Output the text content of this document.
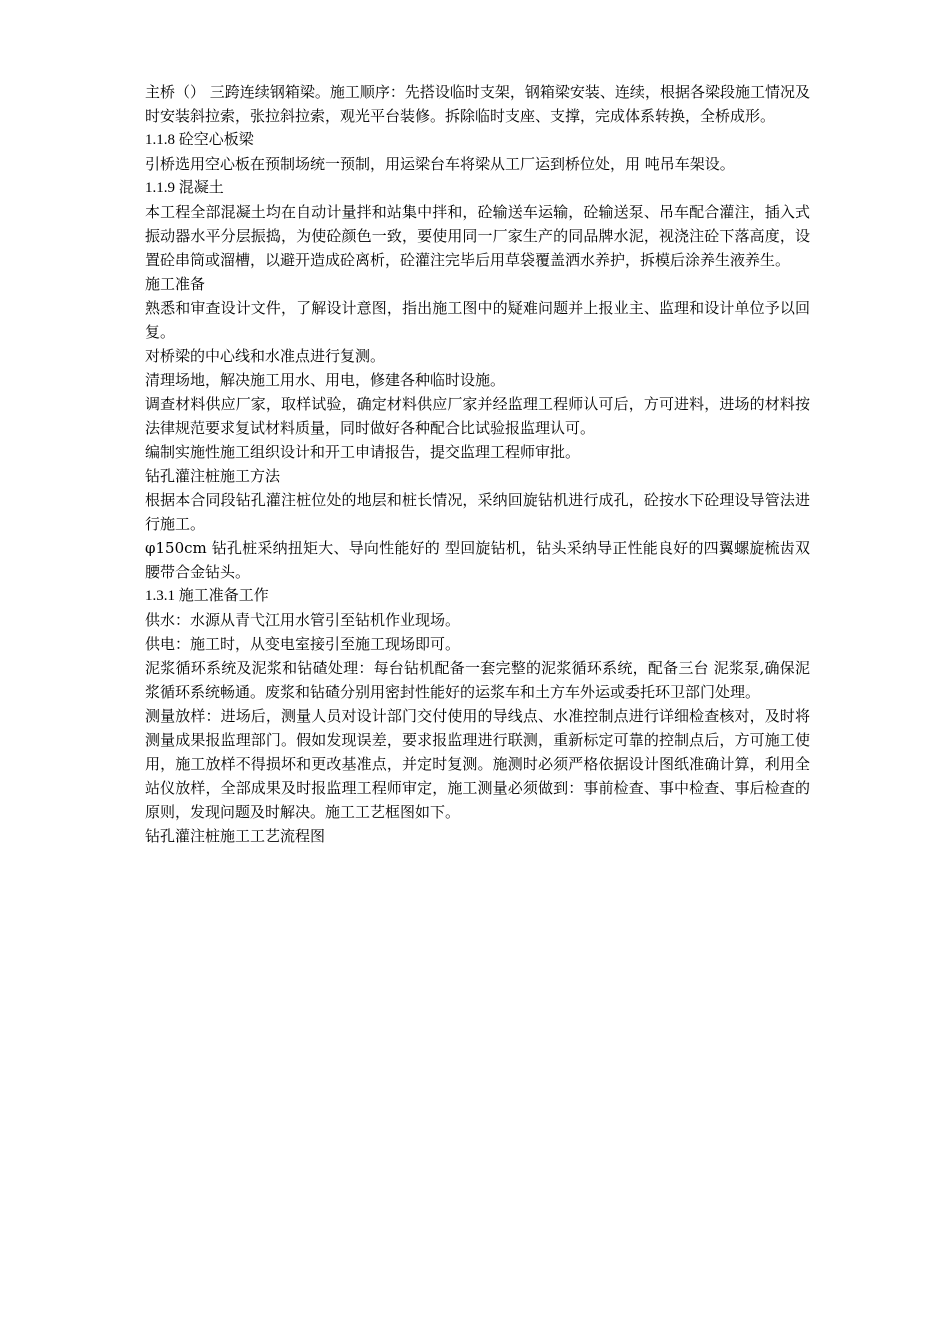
主桥（） 三跨连续钢箱梁。施工顺序：先搭设临时支架，钢箱梁安装、连续，根据各梁段施工情况及时安装斜拉索，张拉斜拉索，观光平台装修。拆除临时支座、支撑，完成体系转换，全桥成形。

1.1.8 砼空心板梁

引桥选用空心板在预制场统一预制，用运梁台车将梁从工厂运到桥位处，用 吨吊车架设。

1.1.9 混凝土

本工程全部混凝土均在自动计量拌和站集中拌和，砼输送车运输，砼输送泵、吊车配合灌注，插入式振动器水平分层振捣，为使砼颜色一致，要使用同一厂家生产的同品牌水泥，视浇注砼下落高度，设置砼串筒或溜槽，以避开造成砼离析，砼灌注完毕后用草袋覆盖洒水养护，拆模后涂养生液养生。

施工准备

熟悉和审查设计文件，了解设计意图，指出施工图中的疑难问题并上报业主、监理和设计单位予以回复。

对桥梁的中心线和水准点进行复测。

清理场地，解决施工用水、用电，修建各种临时设施。

调查材料供应厂家，取样试验，确定材料供应厂家并经监理工程师认可后，方可进料，进场的材料按法律规范要求复试材料质量，同时做好各种配合比试验报监理认可。

编制实施性施工组织设计和开工申请报告，提交监理工程师审批。

钻孔灌注桩施工方法

根据本合同段钻孔灌注桩位处的地层和桩长情况，采纳回旋钻机进行成孔，砼按水下砼理设导管法进行施工。

φ150cm 钻孔桩采纳扭矩大、导向性能好的 型回旋钻机，钻头采纳导正性能良好的四翼螺旋梳齿双腰带合金钻头。

1.3.1 施工准备工作

供水：水源从青弋江用水管引至钻机作业现场。

供电：施工时，从变电室接引至施工现场即可。

泥浆循环系统及泥浆和钻碴处理：每台钻机配备一套完整的泥浆循环系统，配备三台 泥浆泵,确保泥浆循环系统畅通。废浆和钻碴分别用密封性能好的运浆车和土方车外运或委托环卫部门处理。

测量放样：进场后，测量人员对设计部门交付使用的导线点、水准控制点进行详细检查核对，及时将测量成果报监理部门。假如发现误差，要求报监理进行联测，重新标定可靠的控制点后，方可施工使用，施工放样不得损坏和更改基准点，并定时复测。施测时必须严格依据设计图纸准确计算，利用全站仪放样，全部成果及时报监理工程师审定，施工测量必须做到：事前检查、事中检查、事后检查的原则，发现问题及时解决。施工工艺框图如下。

钻孔灌注桩施工工艺流程图
